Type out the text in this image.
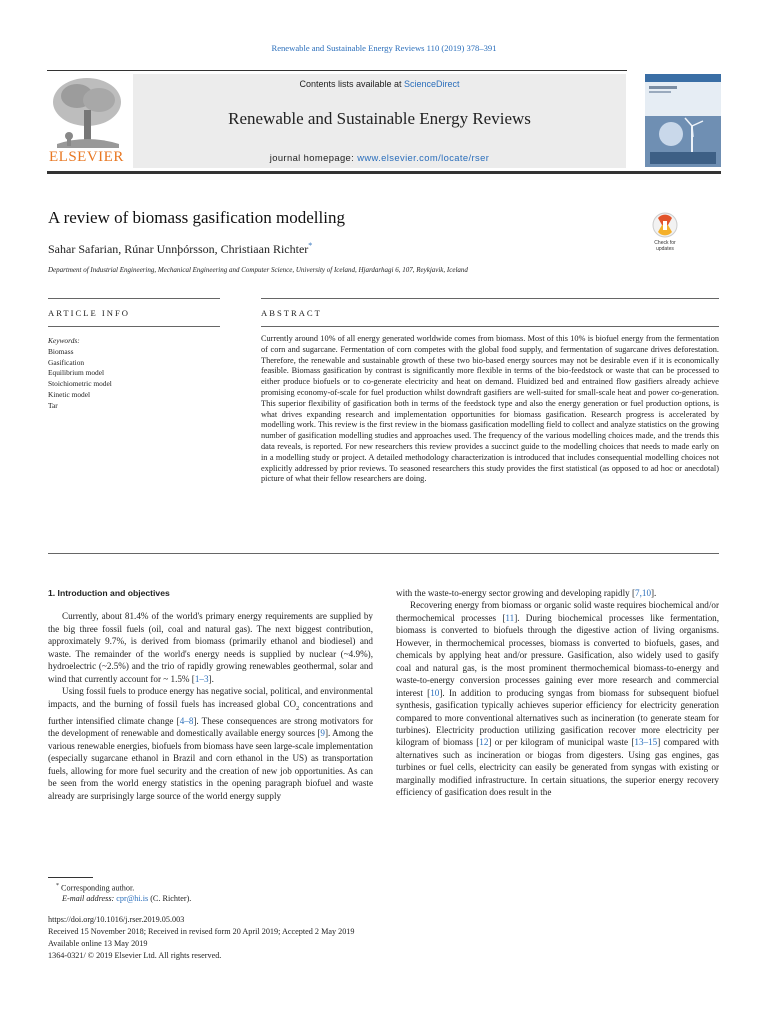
Renewable and Sustainable Energy Reviews 110 (2019) 378–391
ELSEVIER
Contents lists available at ScienceDirect
Renewable and Sustainable Energy Reviews
journal homepage: www.elsevier.com/locate/rser
A review of biomass gasification modelling
Sahar Safarian, Rúnar Unnþórsson, Christiaan Richter*
Department of Industrial Engineering, Mechanical Engineering and Computer Science, University of Iceland, Hjardarhagi 6, 107, Reykjavik, Iceland
Check for
updates
ARTICLE INFO	ABSTRACT
Keywords:
Biomass
Gasification
Equilibrium model
Stoichiometric model
Kinetic model
Tar
Currently around 10% of all energy generated worldwide comes from biomass. Most of this 10% is biofuel energy from the fermentation of corn and sugarcane. Fermentation of corn competes with the global food supply, and fermentation of sugarcane drives deforestation. Therefore, the renewable and sustainable growth of these two bio-based energy sources may not be desirable even if it is economically feasible. Biomass gasification by contrast is significantly more flexible in terms of the bio-feedstock or waste that can be processed to either produce biofuels or to co-generate electricity and heat on demand. Fluidized bed and entrained flow gasifiers already achieve promising economy-of-scale for fuel production whilst downdraft gasifiers are well-suited for small-scale heat and power co-generation. This superior flexibility of gasification both in terms of the feedstock type and also the energy generation or fuel production options, is what drives expanding research and implementation opportunities for biomass gasification. Research progress is accelerated by modelling work. This review is the first review in the biomass gasification modelling field to collect and analyze statistics on the growing number of gasification modelling studies and approaches used. The frequency of the various modelling choices made, and the trends this data reveals, is reported. For new researchers this review provides a succinct guide to the modelling choices that needs to made early on in a modelling study or project. A detailed methodology characterization is introduced that includes consequential modelling choices not explicitly addressed by prior reviews. To seasoned researchers this study provides the first statistical (as opposed to ad hoc or anecdotal) picture of what their fellow researchers are doing.

1. Introduction and objectives

Currently, about 81.4% of the world's primary energy requirements are supplied by the big three fossil fuels (oil, coal and natural gas). The next biggest contribution, approximately 9.7%, is derived from biomass (primarily ethanol and biodiesel) and waste. The remainder of the world's energy needs is supplied by nuclear (~4.9%), hydroelectric (~2.5%) and the trio of rapidly growing renewables geothermal, solar and wind that currently account for ~ 1.5% [1–3].

Using fossil fuels to produce energy has negative social, political, and environmental impacts, and the burning of fossil fuels has increased global $CO_2$ concentrations and further intensified climate change [4–8]. These consequences are strong motivators for the development of renewable and domestically available energy sources [9]. Among the various renewable energies, biofuels from biomass have seen large-scale implementation (especially sugarcane ethanol in Brazil and corn ethanol in the US) as transportation fuels, allowing for more fuel security and the creation of new job opportunities. As can be seen from the world energy statistics in the opening paragraph biofuel and waste already are surprisingly large source of the world energy supply

with the waste-to-energy sector growing and developing rapidly [7,10].

Recovering energy from biomass or organic solid waste requires biochemical and/or thermochemical processes [11]. During biochemical processes like fermentation, biomass is converted to biofuels through the digestive action of living organisms. However, in thermochemical processes, biomass is converted to biofuels, gases, and chemicals by applying heat and/or pressure. Gasification, also widely used to gasify coal and natural gas, is the most prominent thermochemical biomass-to-energy and waste-to-energy conversion processes gaining ever more research and commercial interest [10]. In addition to producing syngas from biomass for subsequent biofuel synthesis, gasification typically achieves superior efficiency for electricity generation compared to more conventional alternatives such as incineration (to generate steam for turbines). Electricity production utilizing gasification recover more electricity per kilogram of biomass [12] or per kilogram of municipal waste [13–15] compared with alternatives such as incineration or biogas from digesters. Using gas engines, gas turbines or fuel cells, electricity can easily be generated from syngas with existing or marginally modified infrastructure. In certain situations, the superior energy recovery efficiency of gasification does result in the

* Corresponding author.
E-mail address: cpr@hi.is (C. Richter).
https://doi.org/10.1016/j.rser.2019.05.003
Received 15 November 2018; Received in revised form 20 April 2019; Accepted 2 May 2019
Available online 13 May 2019
1364-0321/ © 2019 Elsevier Ltd. All rights reserved.
